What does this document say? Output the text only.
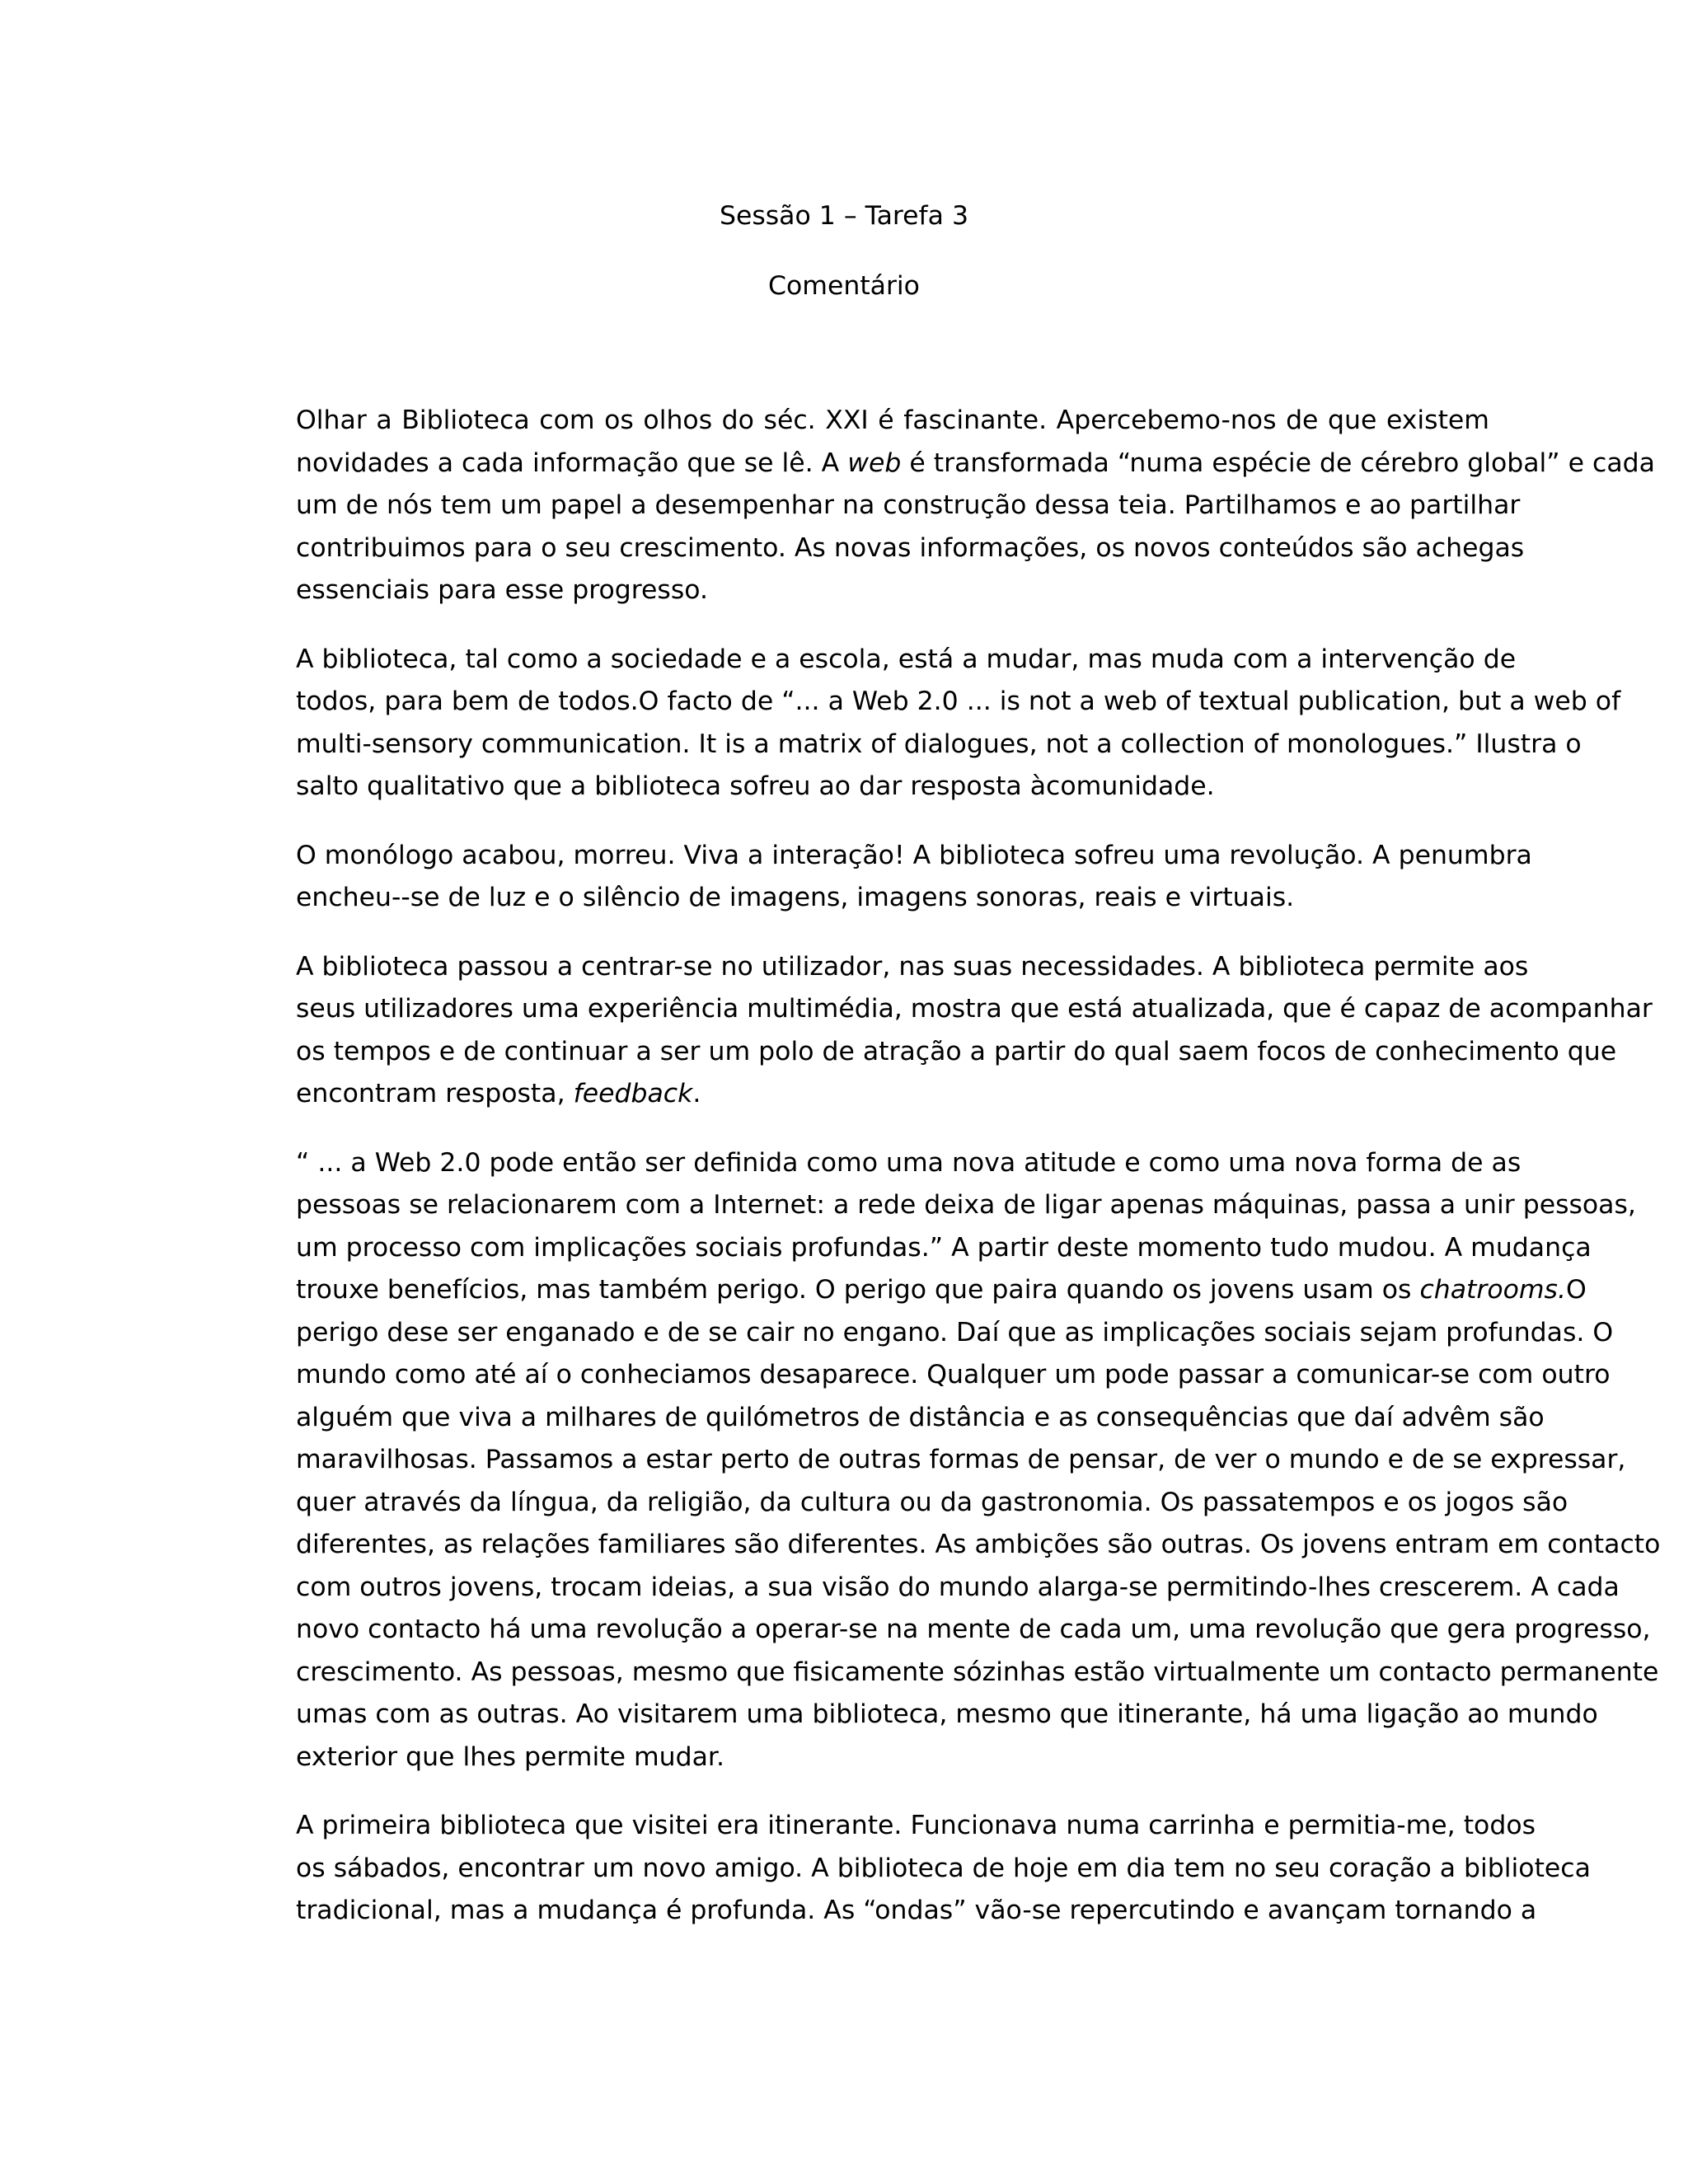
Sessão 1 – Tarefa 3
Comentário

Olhar a Biblioteca com os olhos do séc. XXI é fascinante. Apercebemo-nos de que existem
novidades a cada informação que se lê. A web é transformada “numa espécie de cérebro global” e cada
um de nós tem um papel a desempenhar na construção dessa teia. Partilhamos e ao partilhar
contribuimos para o seu crescimento. As novas informações, os novos conteúdos são achegas
essenciais para esse progresso.

A biblioteca, tal como a sociedade e a escola, está a mudar, mas muda com a intervenção de
todos, para bem de todos.O facto de “... a Web 2.0 ... is not a web of textual publication, but a web of
multi-sensory communication. It is a matrix of dialogues, not a collection of monologues.” Ilustra o
salto qualitativo que a biblioteca sofreu ao dar resposta àcomunidade.

O monólogo acabou, morreu. Viva a interação! A biblioteca sofreu uma revolução. A penumbra
encheu--se de luz e o silêncio de imagens, imagens sonoras, reais e virtuais.

A biblioteca passou a centrar-se no utilizador, nas suas necessidades. A biblioteca permite aos
seus utilizadores uma experiência multimédia, mostra que está atualizada, que é capaz de acompanhar
os tempos e de continuar a ser um polo de atração a partir do qual saem focos de conhecimento que
encontram resposta, feedback.

“ ... a Web 2.0 pode então ser definida como uma nova atitude e como uma nova forma de as
pessoas se relacionarem com a Internet: a rede deixa de ligar apenas máquinas, passa a unir pessoas,
um processo com implicações sociais profundas.” A partir deste momento tudo mudou. A mudança
trouxe benefícios, mas também perigo. O perigo que paira quando os jovens usam os chatrooms.O
perigo dese ser enganado e de se cair no engano. Daí que as implicações sociais sejam profundas. O
mundo como até aí o conheciamos desaparece. Qualquer um pode passar a comunicar-se com outro
alguém que viva a milhares de quilómetros de distância e as consequências que daí advêm são
maravilhosas. Passamos a estar perto de outras formas de pensar, de ver o mundo e de se expressar,
quer através da língua, da religião, da cultura ou da gastronomia. Os passatempos e os jogos são
diferentes, as relações familiares são diferentes. As ambições são outras. Os jovens entram em contacto
com outros jovens, trocam ideias, a sua visão do mundo alarga-se permitindo-lhes crescerem. A cada
novo contacto há uma revolução a operar-se na mente de cada um, uma revolução que gera progresso,
crescimento. As pessoas, mesmo que fisicamente sózinhas estão virtualmente um contacto permanente
umas com as outras. Ao visitarem uma biblioteca, mesmo que itinerante, há uma ligação ao mundo
exterior que lhes permite mudar.

A primeira biblioteca que visitei era itinerante. Funcionava numa carrinha e permitia-me, todos
os sábados, encontrar um novo amigo. A biblioteca de hoje em dia tem no seu coração a biblioteca
tradicional, mas a mudança é profunda. As “ondas” vão-se repercutindo e avançam tornando a
